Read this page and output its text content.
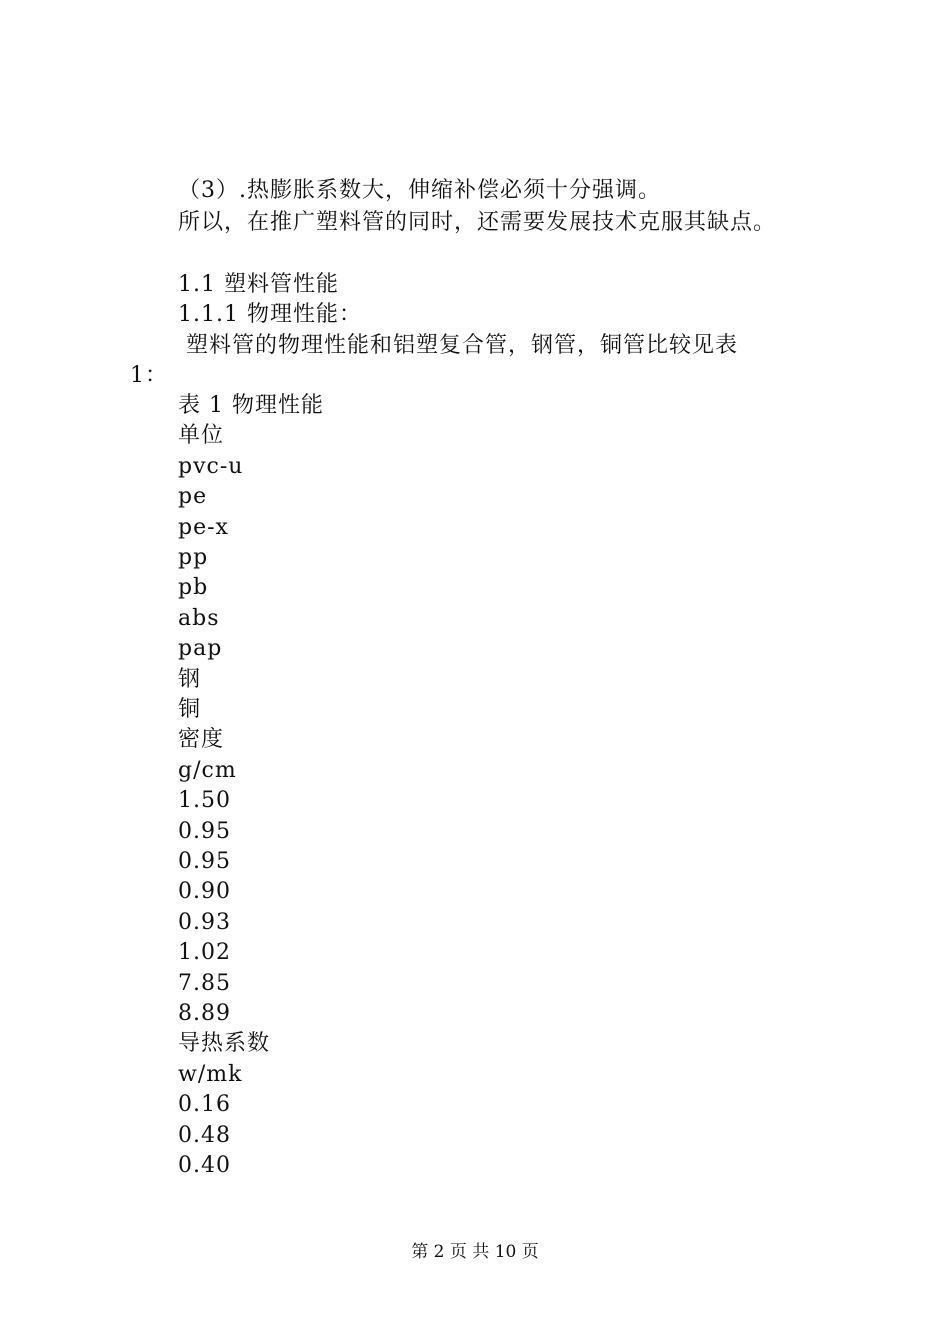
（3）.热膨胀系数大，伸缩补偿必须十分强调。
所以，在推广塑料管的同时，还需要发展技术克服其缺点。
1.1 塑料管性能
1.1.1 物理性能：
塑料管的物理性能和铝塑复合管，钢管，铜管比较见表
1：
表 1 物理性能
单位
pvc-u
pe
pe-x
pp
pb
abs
pap
钢
铜
密度
g/cm
1.50
0.95
0.95
0.90
0.93
1.02
7.85
8.89
导热系数
w/mk
0.16
0.48
0.40
第 2 页 共 10 页
